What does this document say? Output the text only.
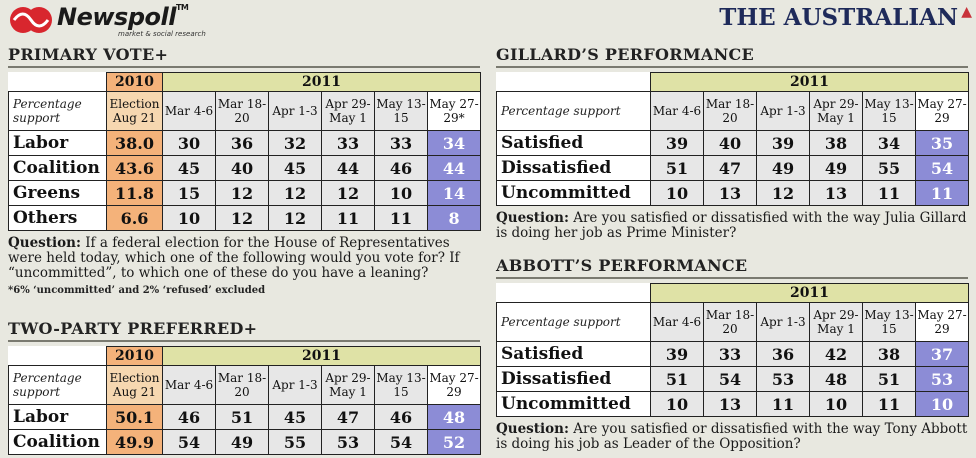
Newspoll™
market & social research
THE AUSTRALIAN ▲
PRIMARY VOTE+
	2010	2011					
Percentage support	Election Aug 21	Mar 4-6	Mar 18-20	Apr 1-3	Apr 29- May 1	May 13-15	May 27-29*
Labor	38.0	30	36	32	33	33	34
Coalition	43.6	45	40	45	44	46	44
Greens	11.8	15	12	12	12	10	14
Others	6.6	10	12	12	11	11	8
Question: If a federal election for the House of Representatives were held today, which one of the following would you vote for? If “uncommitted”, to which one of these do you have a leaning?
*6% ‘uncommitted’ and 2% ‘refused’ excluded
TWO-PARTY PREFERRED+
	2010	2011					
Percentage support	Election Aug 21	Mar 4-6	Mar 18-20	Apr 1-3	Apr 29- May 1	May 13-15	May 27-29
Labor	50.1	46	51	45	47	46	48
Coalition	49.9	54	49	55	53	54	52
GILLARD’S PERFORMANCE
	2011					
Percentage support	Mar 4-6	Mar 18-20	Apr 1-3	Apr 29- May 1	May 13-15	May 27-29
Satisfied	39	40	39	38	34	35
Dissatisfied	51	47	49	49	55	54
Uncommitted	10	13	12	13	11	11
Question: Are you satisfied or dissatisfied with the way Julia Gillard is doing her job as Prime Minister?
ABBOTT’S PERFORMANCE
	2011					
Percentage support	Mar 4-6	Mar 18-20	Apr 1-3	Apr 29- May 1	May 13-15	May 27-29
Satisfied	39	33	36	42	38	37
Dissatisfied	51	54	53	48	51	53
Uncommitted	10	13	11	10	11	10
Question: Are you satisfied or dissatisfied with the way Tony Abbott is doing his job as Leader of the Opposition?
